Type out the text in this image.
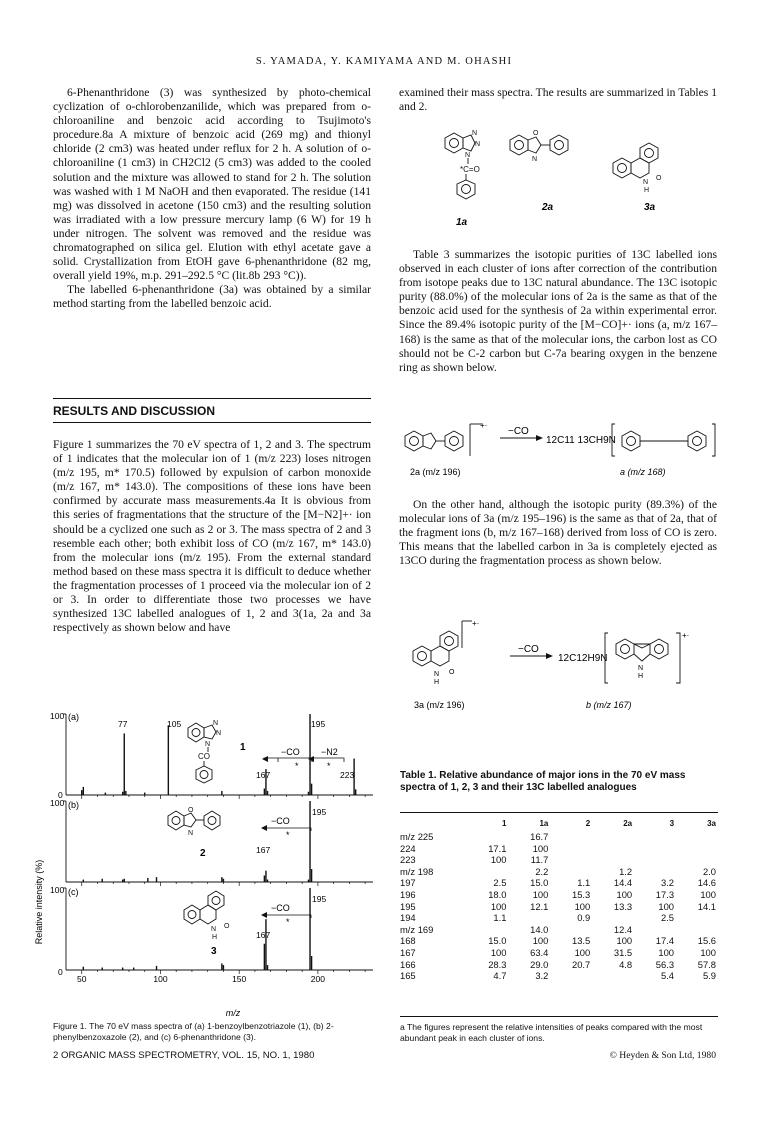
S. YAMADA, Y. KAMIYAMA AND M. OHASHI

6-Phenanthridone (3) was synthesized by photo-chemical cyclization of o-chlorobenzanilide, which was prepared from o-chloroaniline and benzoic acid according to Tsujimoto's procedure.8a A mixture of benzoic acid (269 mg) and thionyl chloride (2 cm3) was heated under reflux for 2 h. A solution of o-chloroaniline (1 cm3) in CH2Cl2 (5 cm3) was added to the cooled solution and the mixture was allowed to stand for 2 h. The solution was washed with 1 M NaOH and then evaporated. The residue (141 mg) was dissolved in acetone (150 cm3) and the resulting solution was irradiated with a low pressure mercury lamp (6 W) for 19 h under nitrogen. The solvent was removed and the residue was chromatographed on silica gel. Elution with ethyl acetate gave a solid. Crystallization from EtOH gave 6-phenanthridone (82 mg, overall yield 19%, m.p. 291–292.5 °C (lit.8b 293 °C)).

The labelled 6-phenanthridone (3a) was obtained by a similar method starting from the labelled benzoic acid.

RESULTS AND DISCUSSION

Figure 1 summarizes the 70 eV spectra of 1, 2 and 3. The spectrum of 1 indicates that the molecular ion of 1 (m/z 223) loses nitrogen (m/z 195, m* 170.5) followed by expulsion of carbon monoxide (m/z 167, m* 143.0). The compositions of these ions have been confirmed by accurate mass measurements.4a It is obvious from this series of fragmentations that the structure of the [M−N2]+· ion should be a cyclized one such as 2 or 3. The mass spectra of 2 and 3 resemble each other; both exhibit loss of CO (m/z 167, m* 143.0) from the molecular ions (m/z 195). From the external standard method based on these mass spectra it is difficult to deduce whether the fragmentation processes of 1 proceed via the molecular ion of 2 or 3. In order to differentiate those two processes we have synthesized 13C labelled analogues of 1, 2 and 3(1a, 2a and 3a respectively as shown below and have

Relative intensity (%)
50	100	150	200
m/z
(a)
(b)
(c)
100
0
100
100
0
77	105	195
167	223
−CO −N2
*	*
1
N
N
N
CO
195
167
−CO
*
2
O
N
195
167
−CO
*
3
N
H
O
Figure 1. The 70 eV mass spectra of (a) 1-benzoylbenzotriazole (1), (b) 2-phenylbenzoxazole (2), and (c) 6-phenanthridone (3).

examined their mass spectra. The results are summarized in Tables 1 and 2.

N
N
N
*C=O
O
N
N
H
O
1a
2a	3a

Table 3 summarizes the isotopic purities of 13C labelled ions observed in each cluster of ions after correction of the contribution from isotope peaks due to 13C natural abundance. The 13C isotopic purity (88.0%) of the molecular ions of 2a is the same as that of the benzoic acid used for the synthesis of 2a within experimental error. Since the 89.4% isotopic purity of the [M−CO]+· ions (a, m/z 167–168) is the same as that of the molecular ions, the carbon lost as CO should not be C-2 carbon but C-7a bearing oxygen in the benzene ring as shown below.

+·
−CO
12C11 13CH9N
2a (m/z 196)	a (m/z 168)

On the other hand, although the isotopic purity (89.3%) of the molecular ions of 3a (m/z 195–196) is the same as that of 2a, that of the fragment ions (b, m/z 167–168) derived from loss of CO is zero. This means that the labelled carbon in 3a is completely ejected as 13CO during the fragmentation process as shown below.

+·
+·
N
H
O
N
H
−CO
12C12H9N
3a (m/z 196)	b (m/z 167)
Table 1. Relative abundance of major ions in the 70 eV mass spectra of 1, 2, 3 and their 13C labelled analogues
	1	1a	2	2a	3	3a
m/z 225		16.7				
224	17.1	100				
223	100	11.7				
m/z 198		2.2		1.2		2.0
197	2.5	15.0	1.1	14.4	3.2	14.6
196	18.0	100	15.3	100	17.3	100
195	100	12.1	100	13.3	100	14.1
194	1.1		0.9		2.5	
m/z 169		14.0		12.4		
168	15.0	100	13.5	100	17.4	15.6
167	100	63.4	100	31.5	100	100
166	28.3	29.0	20.7	4.8	56.3	57.8
165	4.7	3.2			5.4	5.9
a The figures represent the relative intensities of peaks compared with the most abundant peak in each cluster of ions.
2 ORGANIC MASS SPECTROMETRY, VOL. 15, NO. 1, 1980	© Heyden & Son Ltd, 1980
